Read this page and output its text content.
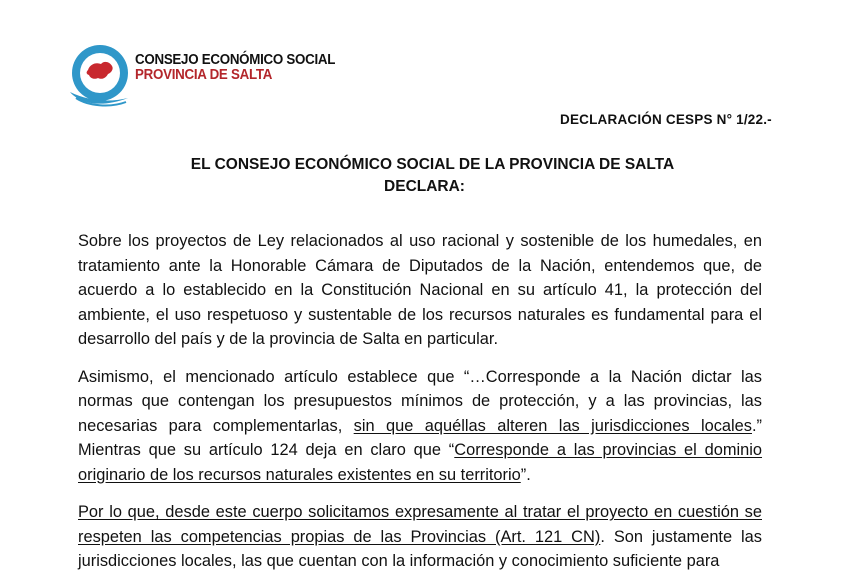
CONSEJO ECONÓMICO SOCIAL
PROVINCIA DE SALTA
DECLARACIÓN CESPS N° 1/22.-
EL CONSEJO ECONÓMICO SOCIAL DE LA PROVINCIA DE SALTA
DECLARA:

Sobre los proyectos de Ley relacionados al uso racional y sostenible de los humedales, en tratamiento ante la Honorable Cámara de Diputados de la Nación, entendemos que, de acuerdo a lo establecido en la Constitución Nacional en su artículo 41, la protección del ambiente, el uso respetuoso y sustentable de los recursos naturales es fundamental para el desarrollo del país y de la provincia de Salta en particular.

Asimismo, el mencionado artículo establece que “…Corresponde a la Nación dictar las normas que contengan los presupuestos mínimos de protección, y a las provincias, las necesarias para complementarlas, sin que aquéllas alteren las jurisdicciones locales.” Mientras que su artículo 124 deja en claro que “Corresponde a las provincias el dominio originario de los recursos naturales existentes en su territorio”.

Por lo que, desde este cuerpo solicitamos expresamente al tratar el proyecto en cuestión se respeten las competencias propias de las Provincias (Art. 121 CN). Son justamente las jurisdicciones locales, las que cuentan con la información y conocimiento suficiente para
